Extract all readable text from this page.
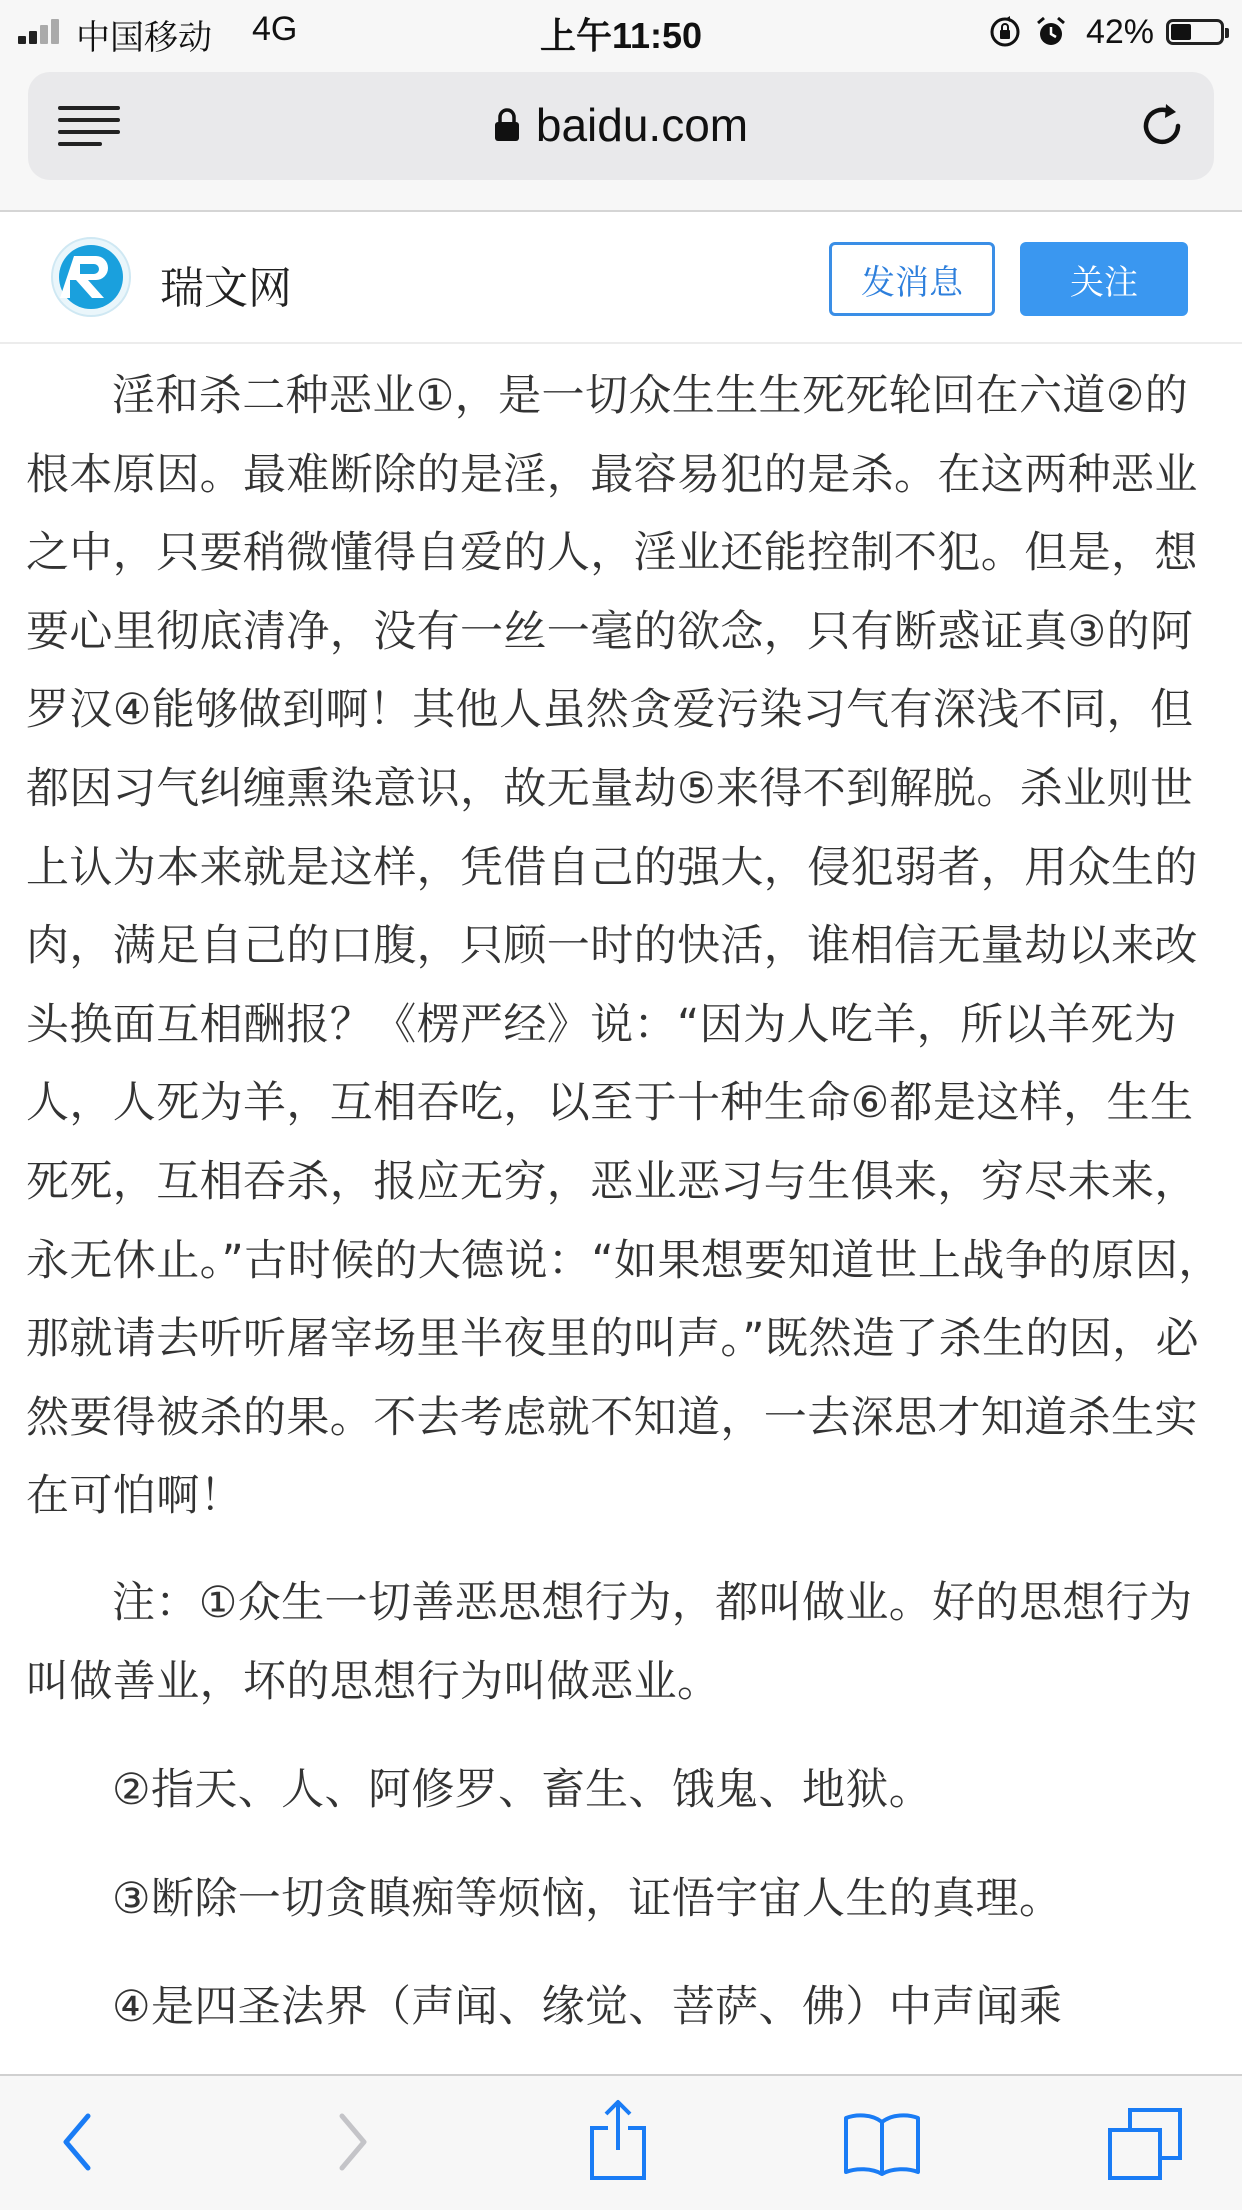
中国移动 4G	上午11:50	42%
baidu.com
瑞文网	发消息	关注

淫和杀二种恶业①，是一切众生生生死死轮回在六道②的根本原因。最难断除的是淫，最容易犯的是杀。在这两种恶业之中，只要稍微懂得自爱的人，淫业还能控制不犯。但是，想要心里彻底清净，没有一丝一毫的欲念，只有断惑证真③的阿罗汉④能够做到啊！其他人虽然贪爱污染习气有深浅不同，但都因习气纠缠熏染意识，故无量劫⑤来得不到解脱。杀业则世上认为本来就是这样，凭借自己的强大，侵犯弱者，用众生的肉，满足自己的口腹，只顾一时的快活，谁相信无量劫以来改头换面互相酬报？《楞严经》说：“因为人吃羊，所以羊死为人，人死为羊，互相吞吃，以至于十种生命⑥都是这样，生生死死，互相吞杀，报应无穷，恶业恶习与生俱来，穷尽未来，永无休止。”古时候的大德说：“如果想要知道世上战争的原因，那就请去听听屠宰场里半夜里的叫声。”既然造了杀生的因，必然要得被杀的果。不去考虑就不知道，一去深思才知道杀生实在可怕啊！

注：①众生一切善恶思想行为，都叫做业。好的思想行为叫做善业，坏的思想行为叫做恶业。

②指天、人、阿修罗、畜生、饿鬼、地狱。

③断除一切贪瞋痴等烦恼，证悟宇宙人生的真理。

④是四圣法界（声闻、缘觉、菩萨、佛）中声闻乘
